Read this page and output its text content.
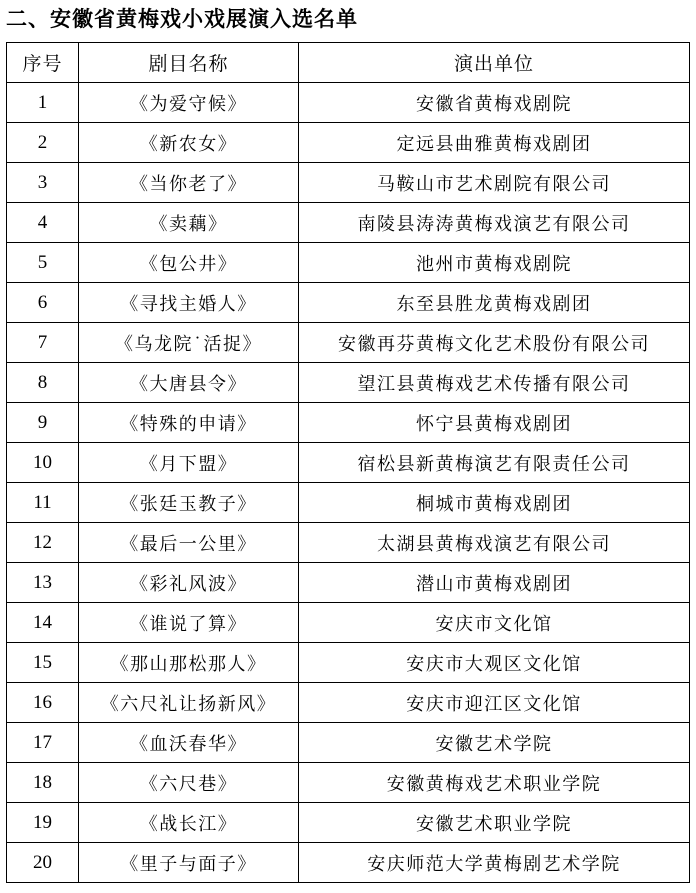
二、安徽省黄梅戏小戏展演入选名单
序号	剧目名称	演出单位
1	《为爱守候》	安徽省黄梅戏剧院
2	《新农女》	定远县曲雅黄梅戏剧团
3	《当你老了》	马鞍山市艺术剧院有限公司
4	《卖藕》	南陵县涛涛黄梅戏演艺有限公司
5	《包公井》	池州市黄梅戏剧院
6	《寻找主婚人》	东至县胜龙黄梅戏剧团
7	《乌龙院˙活捉》	安徽再芬黄梅文化艺术股份有限公司
8	《大唐县令》	望江县黄梅戏艺术传播有限公司
9	《特殊的申请》	怀宁县黄梅戏剧团
10	《月下盟》	宿松县新黄梅演艺有限责任公司
11	《张廷玉教子》	桐城市黄梅戏剧团
12	《最后一公里》	太湖县黄梅戏演艺有限公司
13	《彩礼风波》	潜山市黄梅戏剧团
14	《谁说了算》	安庆市文化馆
15	《那山那松那人》	安庆市大观区文化馆
16	《六尺礼让扬新风》	安庆市迎江区文化馆
17	《血沃春华》	安徽艺术学院
18	《六尺巷》	安徽黄梅戏艺术职业学院
19	《战长江》	安徽艺术职业学院
20	《里子与面子》	安庆师范大学黄梅剧艺术学院
